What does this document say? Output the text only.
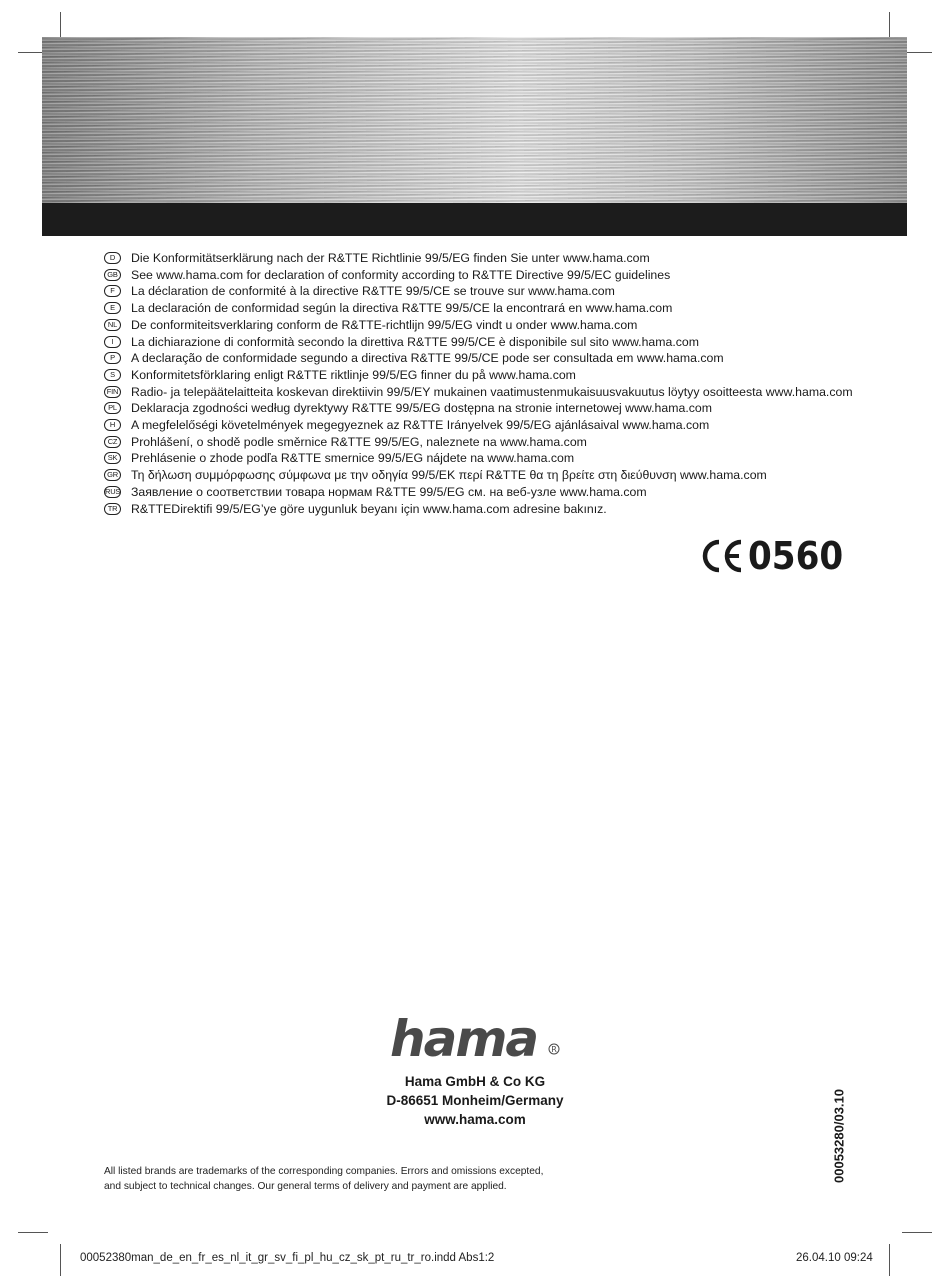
D	Die Konformitätserklärung nach der R&TTE Richtlinie 99/5/EG finden Sie unter www.hama.com
GB See www.hama.com for declaration of conformity according to R&TTE Directive 99/5/EC guidelines
F	La déclaration de conformité à la directive R&TTE 99/5/CE se trouve sur www.hama.com
E	La declaración de conformidad según la directiva R&TTE 99/5/CE la encontrará en www.hama.com
NL	De conformiteitsverklaring conform de R&TTE-richtlijn 99/5/EG vindt u onder www.hama.com
I	La dichiarazione di conformità secondo la direttiva R&TTE 99/5/CE è disponibile sul sito www.hama.com
P	A declaração de conformidade segundo a directiva R&TTE 99/5/CE pode ser consultada em www.hama.com
S	Konformitetsförklaring enligt R&TTE riktlinje 99/5/EG finner du på www.hama.com
FIN Radio- ja telepäätelaitteita koskevan direktiivin 99/5/EY mukainen vaatimustenmukaisuusvakuutus löytyy osoitteesta www.hama.com
PL	Deklaracja zgodności według dyrektywy R&TTE 99/5/EG dostępna na stronie internetowej www.hama.com
H	A megfelelőségi követelmények megegyeznek az R&TTE Irányelvek 99/5/EG ajánlásaival www.hama.com
CZ	Prohlášení, o shodě podle směrnice R&TTE 99/5/EG, naleznete na www.hama.com
SK	Prehlásenie o zhode podľa R&TTE smernice 99/5/EG nájdete na www.hama.com
GR Τη δήλωση συμμόρφωσης σύμφωνα με την οδηγία 99/5/ΕΚ περί R&TTE θα τη βρείτε στη διεύθυνση www.hama.com
RUS Заявление о соответствии товара нормам R&TTE 99/5/EG см. на веб-узле www.hama.com
TR	R&TTEDirektifi 99/5/EG’ye göre uygunluk beyanı için www.hama.com adresine bakınız.
0560
hama R
Hama GmbH & Co KG
D-86651 Monheim/Germany
www.hama.com	00053280/03.10
All listed brands are trademarks of the corresponding companies. Errors and omissions excepted,
and subject to technical changes. Our general terms of delivery and payment are applied.
00052380man_de_en_fr_es_nl_it_gr_sv_fi_pl_hu_cz_sk_pt_ru_tr_ro.indd Abs1:2	26.04.10 09:24
